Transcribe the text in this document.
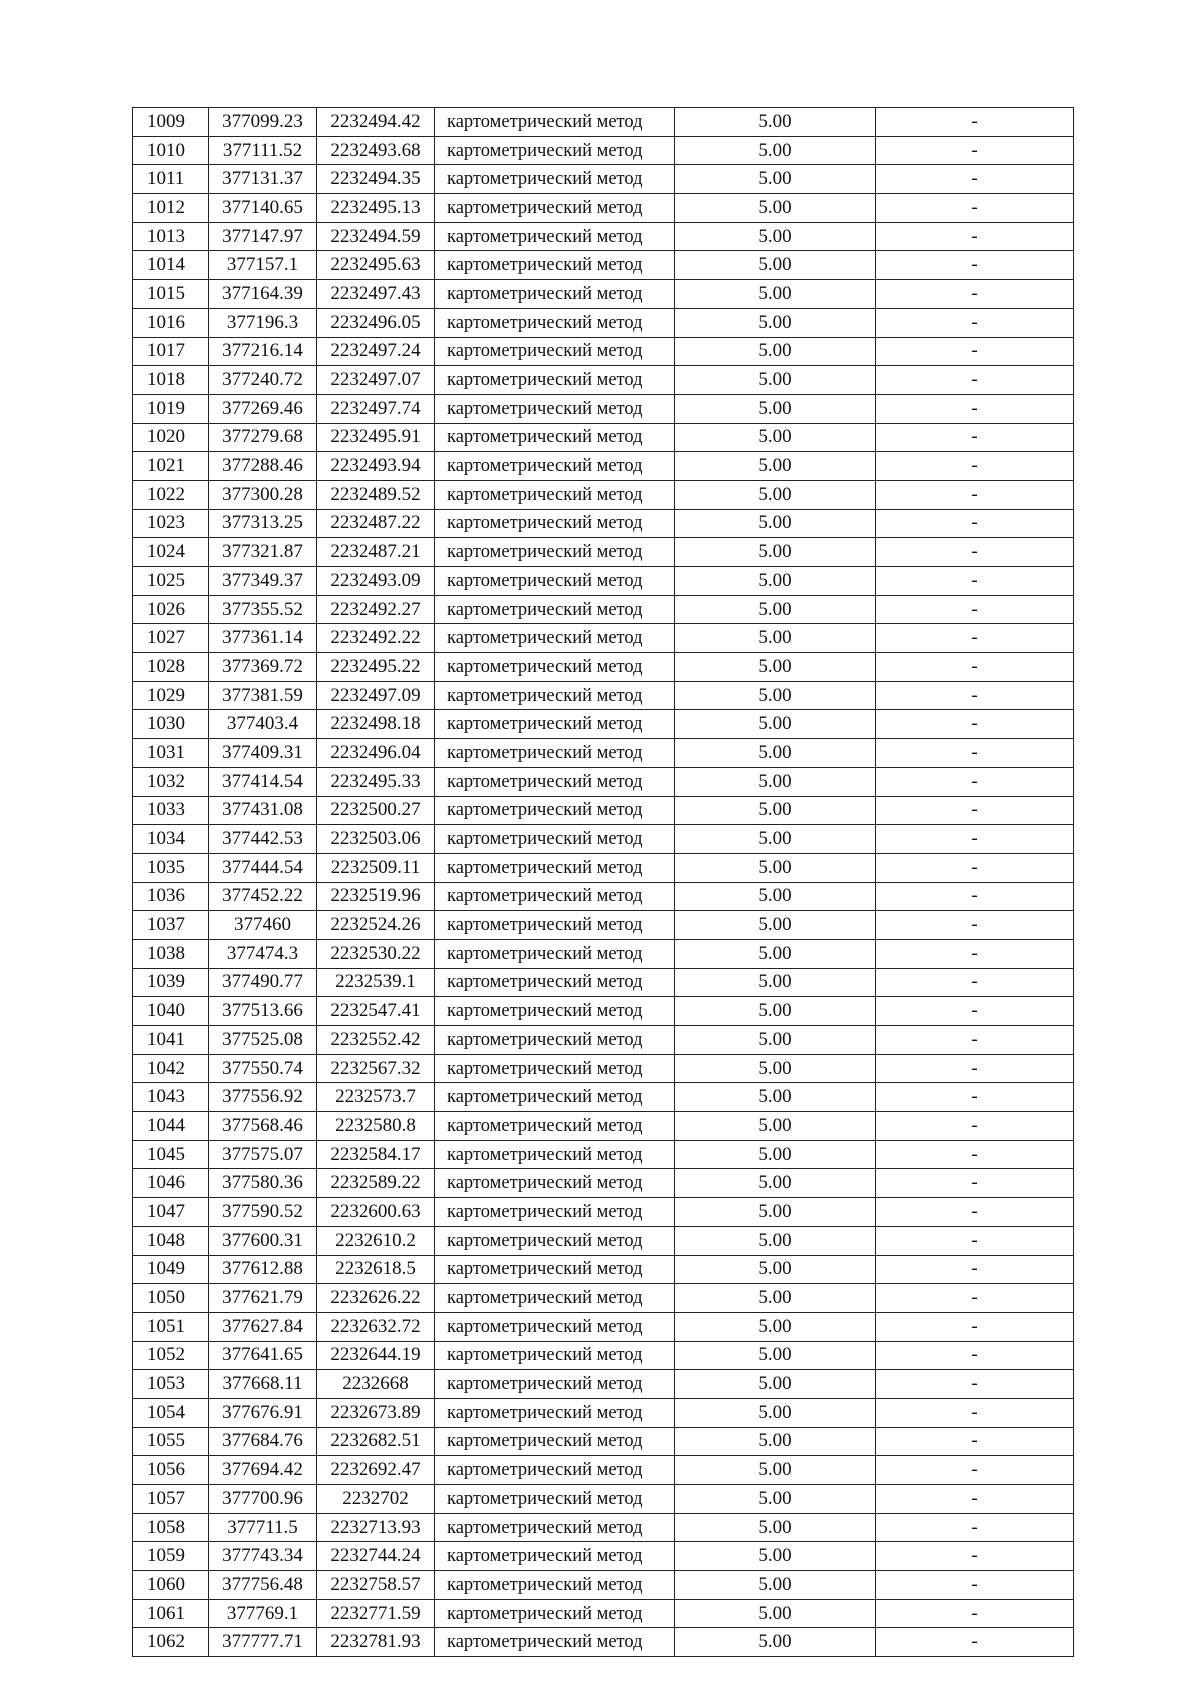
1009	377099.23	2232494.42	картометрический метод	5.00	-
1010	377111.52	2232493.68	картометрический метод	5.00	-
1011	377131.37	2232494.35	картометрический метод	5.00	-
1012	377140.65	2232495.13	картометрический метод	5.00	-
1013	377147.97	2232494.59	картометрический метод	5.00	-
1014	377157.1	2232495.63	картометрический метод	5.00	-
1015	377164.39	2232497.43	картометрический метод	5.00	-
1016	377196.3	2232496.05	картометрический метод	5.00	-
1017	377216.14	2232497.24	картометрический метод	5.00	-
1018	377240.72	2232497.07	картометрический метод	5.00	-
1019	377269.46	2232497.74	картометрический метод	5.00	-
1020	377279.68	2232495.91	картометрический метод	5.00	-
1021	377288.46	2232493.94	картометрический метод	5.00	-
1022	377300.28	2232489.52	картометрический метод	5.00	-
1023	377313.25	2232487.22	картометрический метод	5.00	-
1024	377321.87	2232487.21	картометрический метод	5.00	-
1025	377349.37	2232493.09	картометрический метод	5.00	-
1026	377355.52	2232492.27	картометрический метод	5.00	-
1027	377361.14	2232492.22	картометрический метод	5.00	-
1028	377369.72	2232495.22	картометрический метод	5.00	-
1029	377381.59	2232497.09	картометрический метод	5.00	-
1030	377403.4	2232498.18	картометрический метод	5.00	-
1031	377409.31	2232496.04	картометрический метод	5.00	-
1032	377414.54	2232495.33	картометрический метод	5.00	-
1033	377431.08	2232500.27	картометрический метод	5.00	-
1034	377442.53	2232503.06	картометрический метод	5.00	-
1035	377444.54	2232509.11	картометрический метод	5.00	-
1036	377452.22	2232519.96	картометрический метод	5.00	-
1037	377460	2232524.26	картометрический метод	5.00	-
1038	377474.3	2232530.22	картометрический метод	5.00	-
1039	377490.77	2232539.1	картометрический метод	5.00	-
1040	377513.66	2232547.41	картометрический метод	5.00	-
1041	377525.08	2232552.42	картометрический метод	5.00	-
1042	377550.74	2232567.32	картометрический метод	5.00	-
1043	377556.92	2232573.7	картометрический метод	5.00	-
1044	377568.46	2232580.8	картометрический метод	5.00	-
1045	377575.07	2232584.17	картометрический метод	5.00	-
1046	377580.36	2232589.22	картометрический метод	5.00	-
1047	377590.52	2232600.63	картометрический метод	5.00	-
1048	377600.31	2232610.2	картометрический метод	5.00	-
1049	377612.88	2232618.5	картометрический метод	5.00	-
1050	377621.79	2232626.22	картометрический метод	5.00	-
1051	377627.84	2232632.72	картометрический метод	5.00	-
1052	377641.65	2232644.19	картометрический метод	5.00	-
1053	377668.11	2232668	картометрический метод	5.00	-
1054	377676.91	2232673.89	картометрический метод	5.00	-
1055	377684.76	2232682.51	картометрический метод	5.00	-
1056	377694.42	2232692.47	картометрический метод	5.00	-
1057	377700.96	2232702	картометрический метод	5.00	-
1058	377711.5	2232713.93	картометрический метод	5.00	-
1059	377743.34	2232744.24	картометрический метод	5.00	-
1060	377756.48	2232758.57	картометрический метод	5.00	-
1061	377769.1	2232771.59	картометрический метод	5.00	-
1062	377777.71	2232781.93	картометрический метод	5.00	-
